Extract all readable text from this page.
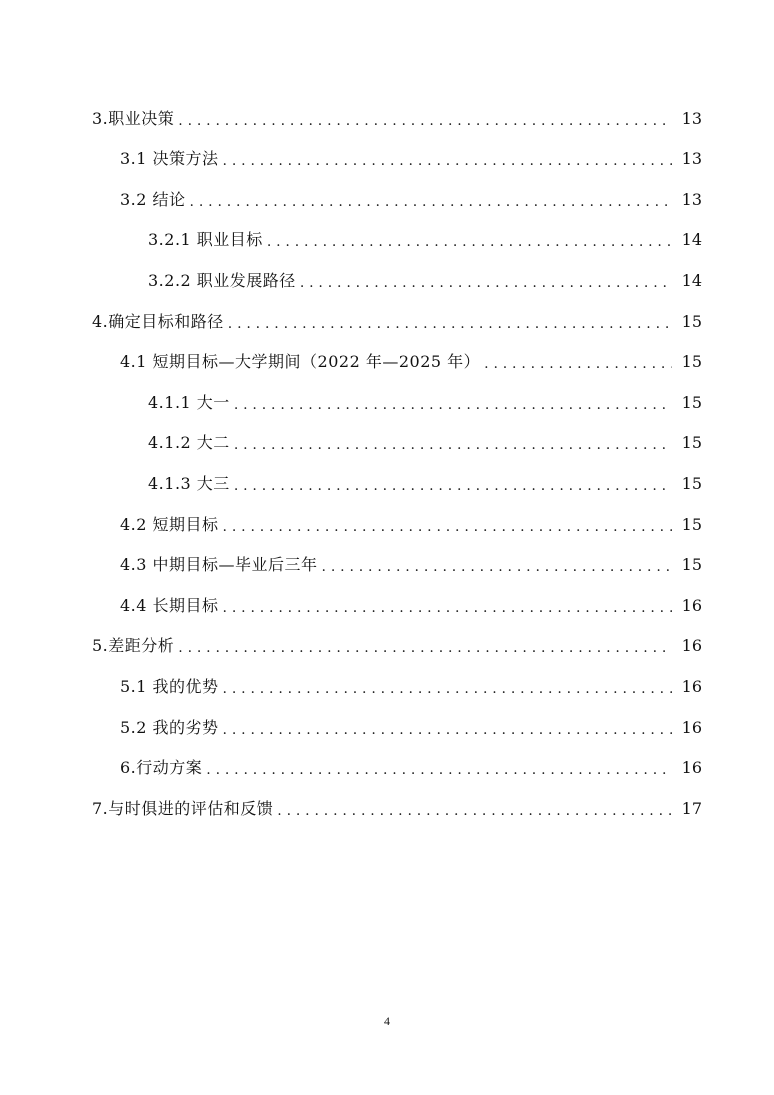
3.职业决策 . . .	13
3.1 决策方法 . . .	13
3.2 结论 . . .	13
3.2.1 职业目标 . . .	14
3.2.2 职业发展路径 . . .	14
4.确定目标和路径 . . .	15
4.1 短期目标—大学期间（2022 年—2025 年） . . .	15
4.1.1 大一 . . .	15
4.1.2 大二 . . .	15
4.1.3 大三 . . .	15
4.2 短期目标 . . .	15
4.3 中期目标—毕业后三年 . . .	15
4.4 长期目标 . . .	16
5.差距分析 . . .	16
5.1 我的优势 . . .	16
5.2 我的劣势 . . .	16
6.行动方案 . . .	16
7.与时俱进的评估和反馈 . . .	17
4
